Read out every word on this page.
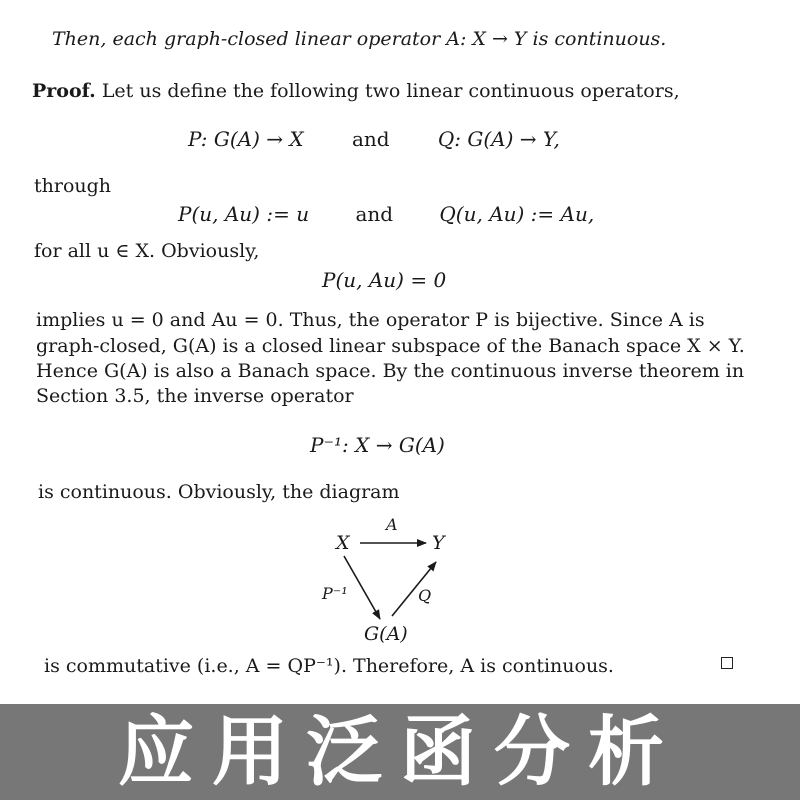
Then, each graph-closed linear operator A: X → Y is continuous.
Proof. Let us define the following two linear continuous operators,
P: G(A) → X and Q: G(A) → Y,
through
P(u, Au) := u and Q(u, Au) := Au,
for all u ∈ X. Obviously,
P(u, Au) = 0
implies u = 0 and Au = 0. Thus, the operator P is bijective. Since A is
graph-closed, G(A) is a closed linear subspace of the Banach space X × Y.
Hence G(A) is also a Banach space. By the continuous inverse theorem in
Section 3.5, the inverse operator
P⁻¹: X → G(A)
is continuous. Obviously, the diagram
X	Y
G(A)
A
P⁻¹	Q
is commutative (i.e., A = QP⁻¹). Therefore, A is continuous.
应用泛函分析
